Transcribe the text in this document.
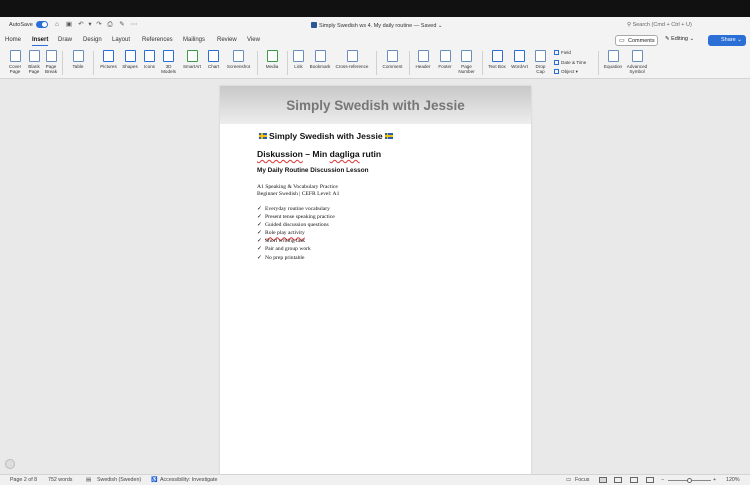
AutoSave	⌂	▣ ↶ ▾ ↷ ⎙ ✎ ⋯	Simply Swedish ws 4. My daily routine — Saved ⌄	⚲ Search (Cmd + Ctrl + U)
Home Insert Draw Design Layout References Mailings Review View	▭ Comments	✎ Editing ⌄	Share ⌄
Cover
Page
Blank
Page
Page
Break
Table	Pictures	Shapes	Icons	3D
Models
SmartArt	Chart	Screenshot	Media	Link	Bookmark	Cross-reference	Comment	Header	Footer	Page
Number
Text Box	WordArt	Drop
Cap
Field
Date & Time
Object ▾
Equation	Advanced
Symbol
Simply Swedish with Jessie
Simply Swedish with Jessie
Diskussion – Min dagliga rutin
My Daily Routine Discussion Lesson
A1 Speaking & Vocabulary Practice
Beginner Swedish | CEFR Level: A1
✓ Everyday routine vocabulary
✓ Present tense speaking practice
✓ Guided discussion questions
✓ Role play activity
✓ Short writing task
✓ Pair and group work
✓ No prep printable
Page 2 of 8 752 words	▤ Swedish (Sweden) ♿ Accessibility: Investigate	▭ Focus	−	+ 120%
